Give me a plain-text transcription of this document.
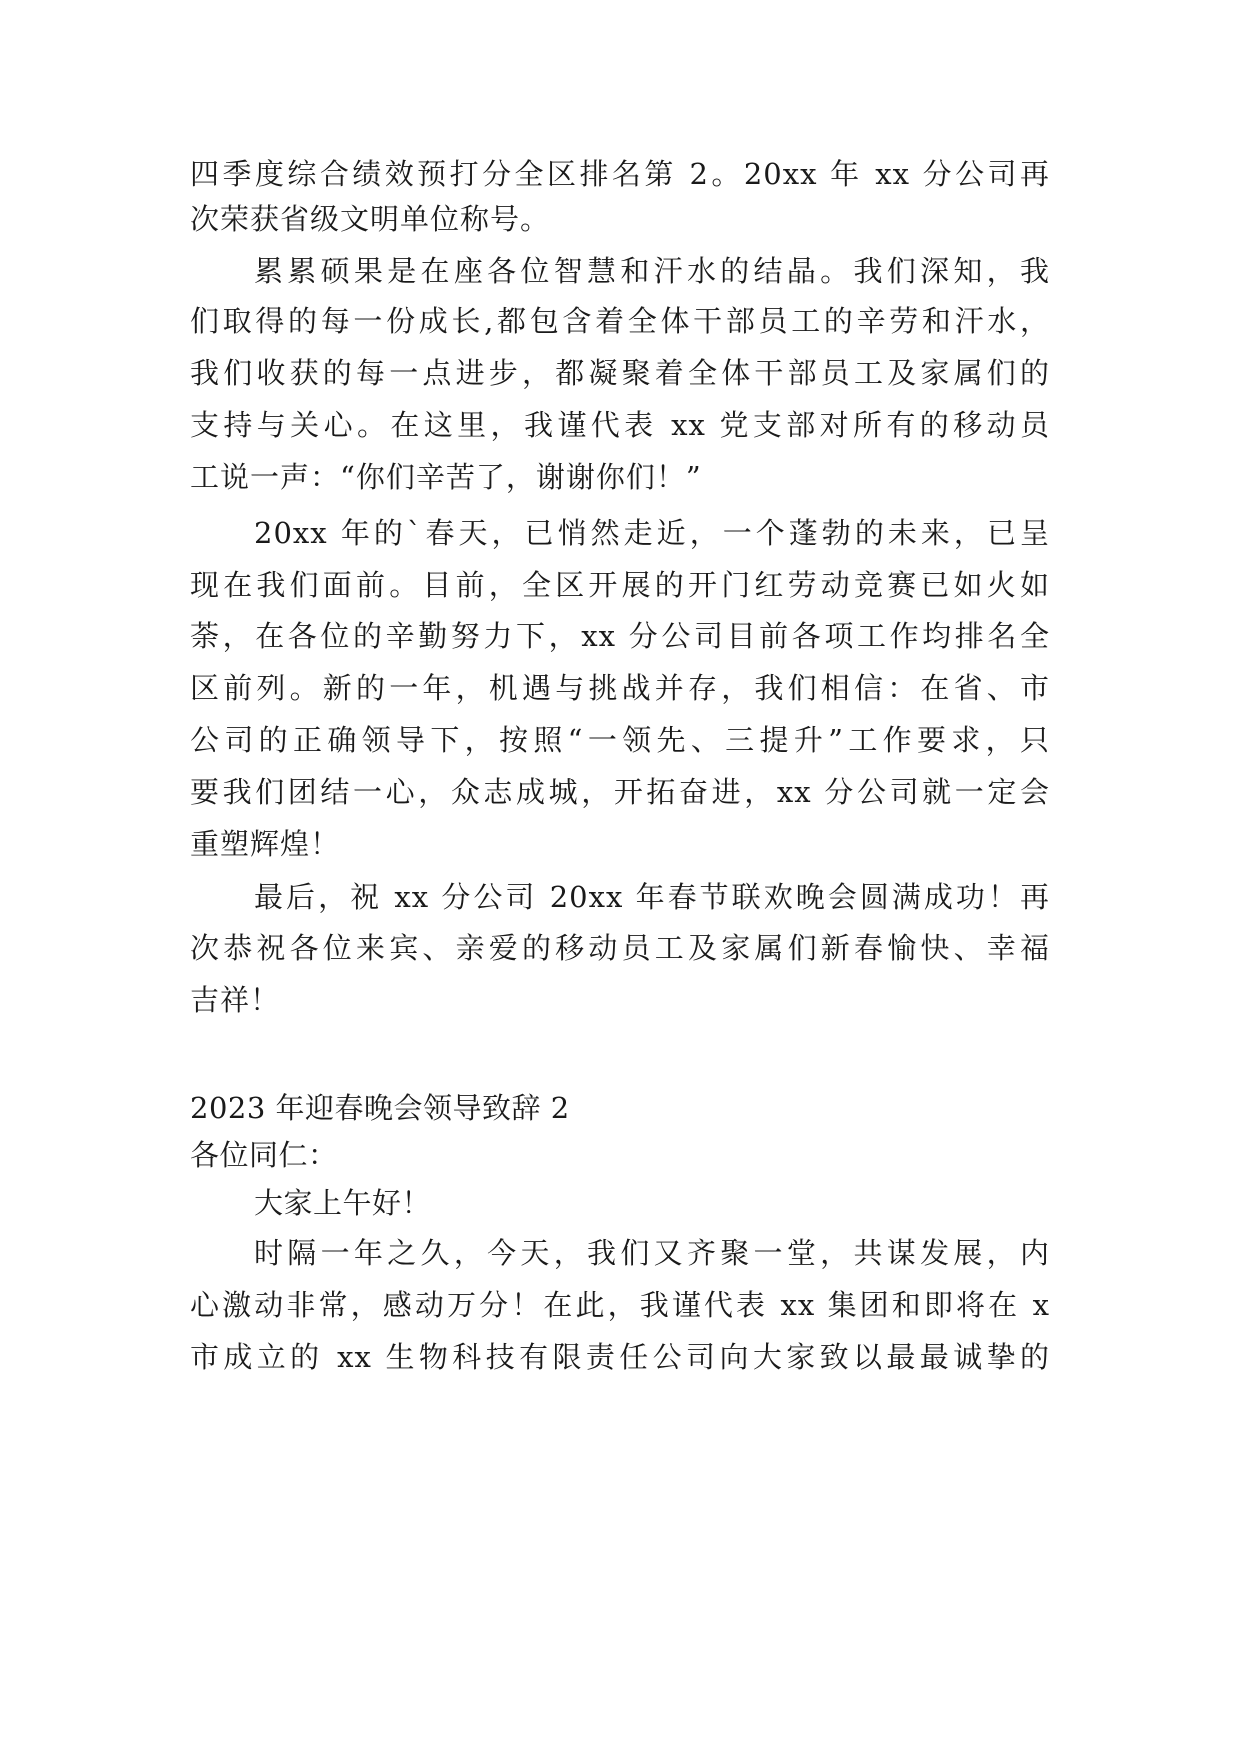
四季度综合绩效预打分全区排名第 2。20xx 年 xx 分公司再
次荣获省级文明单位称号。
累累硕果是在座各位智慧和汗水的结晶。我们深知，我
们取得的每一份成长,都包含着全体干部员工的辛劳和汗水，
我们收获的每一点进步，都凝聚着全体干部员工及家属们的
支持与关心。在这里，我谨代表 xx 党支部对所有的移动员
工说一声：“你们辛苦了，谢谢你们！”
20xx 年的`春天，已悄然走近，一个蓬勃的未来，已呈
现在我们面前。目前，全区开展的开门红劳动竞赛已如火如
荼，在各位的辛勤努力下，xx 分公司目前各项工作均排名全
区前列。新的一年，机遇与挑战并存，我们相信：在省、市
公司的正确领导下，按照“一领先、三提升”工作要求，只
要我们团结一心，众志成城，开拓奋进，xx 分公司就一定会
重塑辉煌！
最后，祝 xx 分公司 20xx 年春节联欢晚会圆满成功！再
次恭祝各位来宾、亲爱的移动员工及家属们新春愉快、幸福
吉祥！
2023 年迎春晚会领导致辞 2
各位同仁：
大家上午好！
时隔一年之久，今天，我们又齐聚一堂，共谋发展，内
心激动非常，感动万分！在此，我谨代表 xx 集团和即将在 x
市成立的 xx 生物科技有限责任公司向大家致以最最诚挚的
